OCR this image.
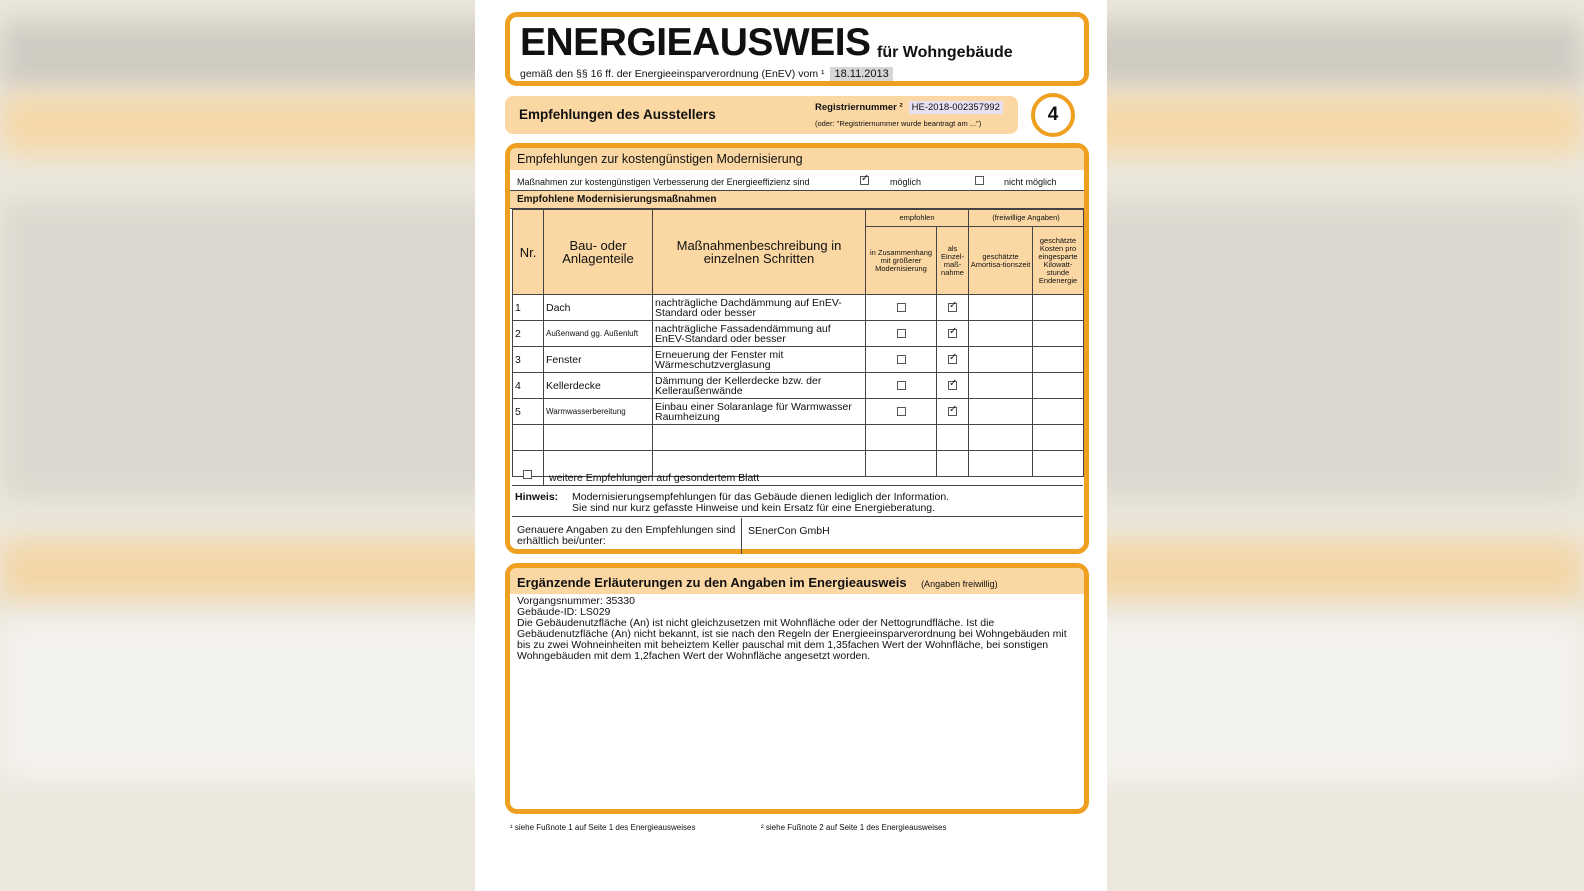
ENERGIEAUSWEIS für Wohngebäude
gemäß den §§ 16 ff. der Energieeinsparverordnung (EnEV) vom ¹ 18.11.2013
Empfehlungen des Ausstellers	Registriernummer ² HE-2018-002357992
(oder: "Registriernummer wurde beantragt am ...")	4
Empfehlungen zur kostengünstigen Modernisierung
Maßnahmen zur kostengünstigen Verbesserung der Energieeffizienz sind ✓	möglich	nicht möglich
Empfohlene Modernisierungsmaßnahmen
Nr.	Bau- oder Anlagenteile	Maßnahmenbeschreibung in einzelnen Schritten	empfohlen		(freiwillige Angaben)	
			in Zusammenhang mit größerer Modernisierung	als Einzel-maß-nahme	geschätzte Amortisa-tionszeit	geschätzte Kosten pro eingesparte Kilowatt-stunde Endenergie
1	Dach	nachträgliche Dachdämmung auf EnEV-Standard oder besser		✓		
2	Außenwand gg. Außenluft	nachträgliche Fassadendämmung auf EnEV-Standard oder besser		✓		
3	Fenster	Erneuerung der Fenster mit Wärmeschutzverglasung		✓		
4	Kellerdecke	Dämmung der Kellerdecke bzw. der Kelleraußenwände		✓		
5	Warmwasserbereitung	Einbau einer Solaranlage für Warmwasser Raumheizung		✓		

weitere Empfehlungen auf gesondertem Blatt
Hinweis: Modernisierungsempfehlungen für das Gebäude dienen lediglich der Information.
Sie sind nur kurz gefasste Hinweise und kein Ersatz für eine Energieberatung.
Genauere Angaben zu den Empfehlungen sind erhältlich bei/unter:
SEnerCon GmbH
Ergänzende Erläuterungen zu den Angaben im Energieausweis (Angaben freiwillig)
Vorgangsnummer: 35330
Gebäude-ID: LS029
Die Gebäudenutzfläche (An) ist nicht gleichzusetzen mit Wohnfläche oder der Nettogrundfläche. Ist die
Gebäudenutzfläche (An) nicht bekannt, ist sie nach den Regeln der Energieeinsparverordnung bei Wohngebäuden mit
bis zu zwei Wohneinheiten mit beheiztem Keller pauschal mit dem 1,35fachen Wert der Wohnfläche, bei sonstigen
Wohngebäuden mit dem 1,2fachen Wert der Wohnfläche angesetzt worden.
¹ siehe Fußnote 1 auf Seite 1 des Energieausweises	² siehe Fußnote 2 auf Seite 1 des Energieausweises
